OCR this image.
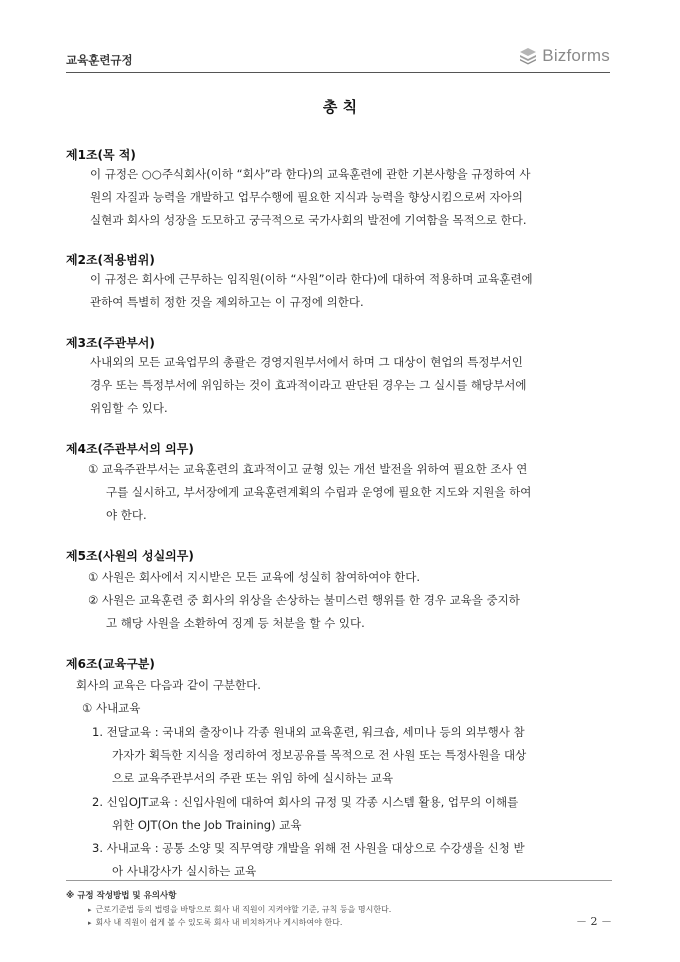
교육훈련규정	Bizforms
총 칙
제1조(목 적)
이 규정은 ○○주식회사(이하 “회사”라 한다)의 교육훈련에 관한 기본사항을 규정하여 사
원의 자질과 능력을 개발하고 업무수행에 필요한 지식과 능력을 향상시킴으로써 자아의
실현과 회사의 성장을 도모하고 궁극적으로 국가사회의 발전에 기여함을 목적으로 한다.
제2조(적용범위)
이 규정은 회사에 근무하는 임직원(이하 “사원”이라 한다)에 대하여 적용하며 교육훈련에
관하여 특별히 정한 것을 제외하고는 이 규정에 의한다.
제3조(주관부서)
사내외의 모든 교육업무의 총괄은 경영지원부서에서 하며 그 대상이 현업의 특정부서인
경우 또는 특정부서에 위임하는 것이 효과적이라고 판단된 경우는 그 실시를 해당부서에
위임할 수 있다.
제4조(주관부서의 의무)
① 교육주관부서는 교육훈련의 효과적이고 균형 있는 개선 발전을 위하여 필요한 조사 연
구를 실시하고, 부서장에게 교육훈련계획의 수립과 운영에 필요한 지도와 지원을 하여
야 한다.
제5조(사원의 성실의무)
① 사원은 회사에서 지시받은 모든 교육에 성실히 참여하여야 한다.
② 사원은 교육훈련 중 회사의 위상을 손상하는 불미스런 행위를 한 경우 교육을 중지하
고 해당 사원을 소환하여 징계 등 처분을 할 수 있다.
제6조(교육구분)
회사의 교육은 다음과 같이 구분한다.
① 사내교육
1. 전달교육 : 국내외 출장이나 각종 원내외 교육훈련, 워크숍, 세미나 등의 외부행사 참
가자가 획득한 지식을 정리하여 정보공유를 목적으로 전 사원 또는 특정사원을 대상
으로 교육주관부서의 주관 또는 위임 하에 실시하는 교육
2. 신입OJT교육 : 신입사원에 대하여 회사의 규정 및 각종 시스템 활용, 업무의 이해를
위한 OJT(On the Job Training) 교육
3. 사내교육 : 공통 소양 및 직무역량 개발을 위해 전 사원을 대상으로 수강생을 신청 받
아 사내강사가 실시하는 교육
※ 규정 작성방법 및 유의사항
▸ 근로기준법 등의 법령을 바탕으로 회사 내 직원이 지켜야할 기준, 규칙 등을 명시한다.
▸ 회사 내 직원이 쉽게 볼 수 있도록 회사 내 비치하거나 게시하여야 한다.	－ 2 －
